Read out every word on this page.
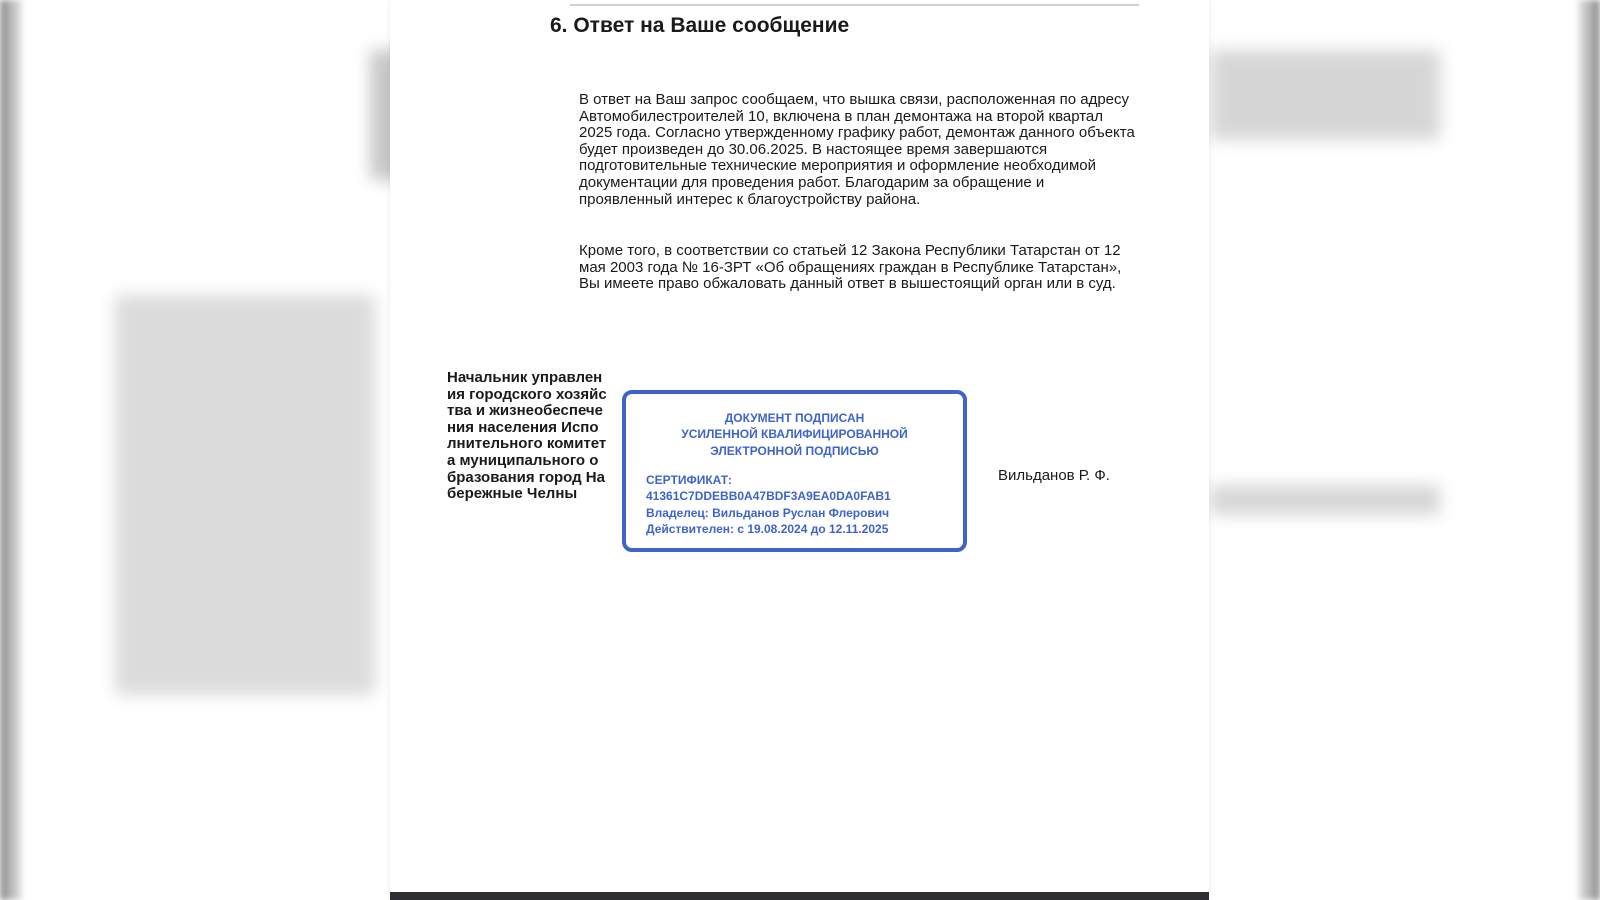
6. Ответ на Ваше сообщение

В ответ на Ваш запрос сообщаем, что вышка связи, расположенная по адресу Автомобилестроителей 10, включена в план демонтажа на второй квартал 2025 года. Согласно утвержденному графику работ, демонтаж данного объекта будет произведен до 30.06.2025. В настоящее время завершаются подготовительные технические мероприятия и оформление необходимой документации для проведения работ. Благодарим за обращение и проявленный интерес к благоустройству района.

Кроме того, в соответствии со статьей 12 Закона Республики Татарстан от 12 мая 2003 года № 16-ЗРТ «Об обращениях граждан в Республике Татарстан», Вы имеете право обжаловать данный ответ в вышестоящий орган или в суд.

Начальник управления городского хозяйства и жизнеобеспечения населения Исполнительного комитета муниципального образования город Набережные Челны
ДОКУМЕНТ ПОДПИСАН
УСИЛЕННОЙ КВАЛИФИЦИРОВАННОЙ
ЭЛЕКТРОННОЙ ПОДПИСЬЮ
СЕРТИФИКАТ:
41361C7DDEBB0A47BDF3A9EA0DA0FAB1
Владелец: Вильданов Руслан Флерович
Действителен: с 19.08.2024 до 12.11.2025
Вильданов Р. Ф.
